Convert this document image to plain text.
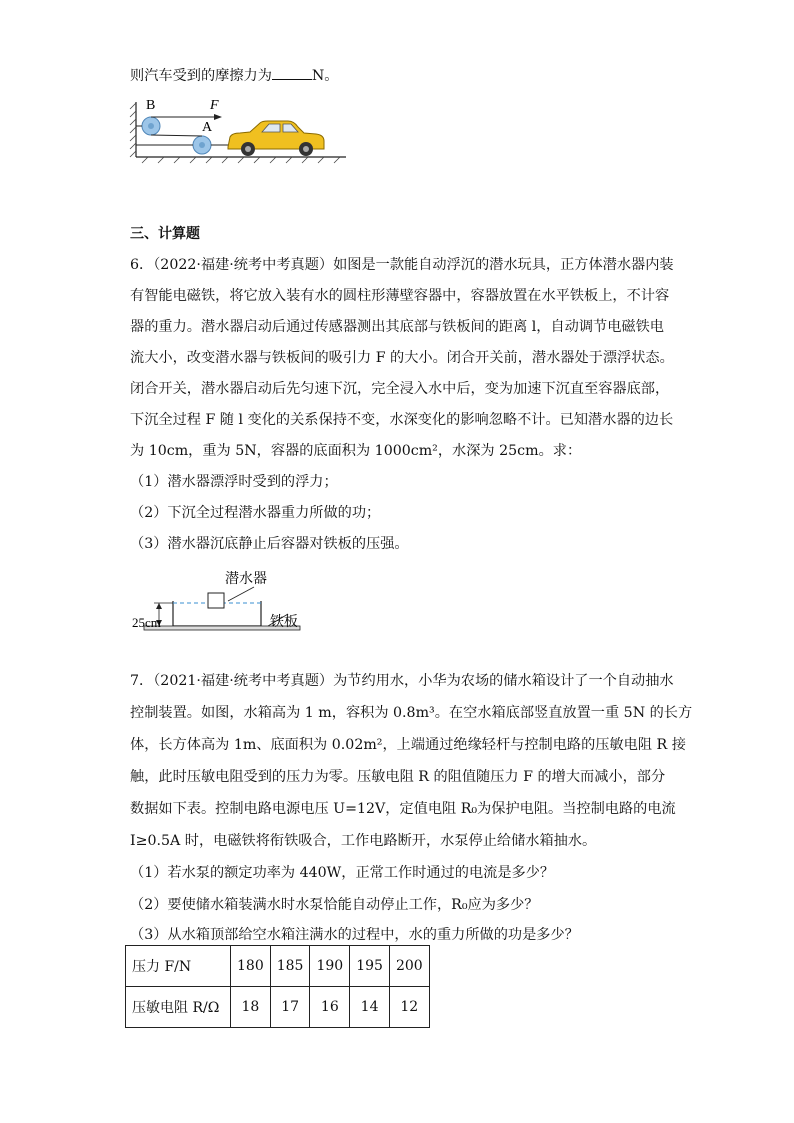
则汽车受到的摩擦力为	N。
B	F
A
三、计算题
6．（2022·福建·统考中考真题）如图是一款能自动浮沉的潜水玩具，正方体潜水器内装
有智能电磁铁，将它放入装有水的圆柱形薄壁容器中，容器放置在水平铁板上，不计容
器的重力。潜水器启动后通过传感器测出其底部与铁板间的距离 l，自动调节电磁铁电
流大小，改变潜水器与铁板间的吸引力 F 的大小。闭合开关前，潜水器处于漂浮状态。
闭合开关，潜水器启动后先匀速下沉，完全浸入水中后，变为加速下沉直至容器底部，
下沉全过程 F 随 l 变化的关系保持不变，水深变化的影响忽略不计。已知潜水器的边长
为 10cm，重为 5N，容器的底面积为 1000cm²，水深为 25cm。求：
（1）潜水器漂浮时受到的浮力；
（2）下沉全过程潜水器重力所做的功；
（3）潜水器沉底静止后容器对铁板的压强。
潜水器
铁板
25cm
7．（2021·福建·统考中考真题）为节约用水，小华为农场的储水箱设计了一个自动抽水
控制装置。如图，水箱高为 1 m，容积为 0.8m³。在空水箱底部竖直放置一重 5N 的长方
体，长方体高为 1m、底面积为 0.02m²，上端通过绝缘轻杆与控制电路的压敏电阻 R 接
触，此时压敏电阻受到的压力为零。压敏电阻 R 的阻值随压力 F 的增大而减小，部分
数据如下表。控制电路电源电压 U=12V，定值电阻 R₀为保护电阻。当控制电路的电流
I≥0.5A 时，电磁铁将衔铁吸合，工作电路断开，水泵停止给储水箱抽水。
（1）若水泵的额定功率为 440W，正常工作时通过的电流是多少？
（2）要使储水箱装满水时水泵恰能自动停止工作，R₀应为多少？
（3）从水箱顶部给空水箱注满水的过程中，水的重力所做的功是多少？
压力 F/N	180	185	190	195	200
压敏电阻 R/Ω	18	17	16	14	12
